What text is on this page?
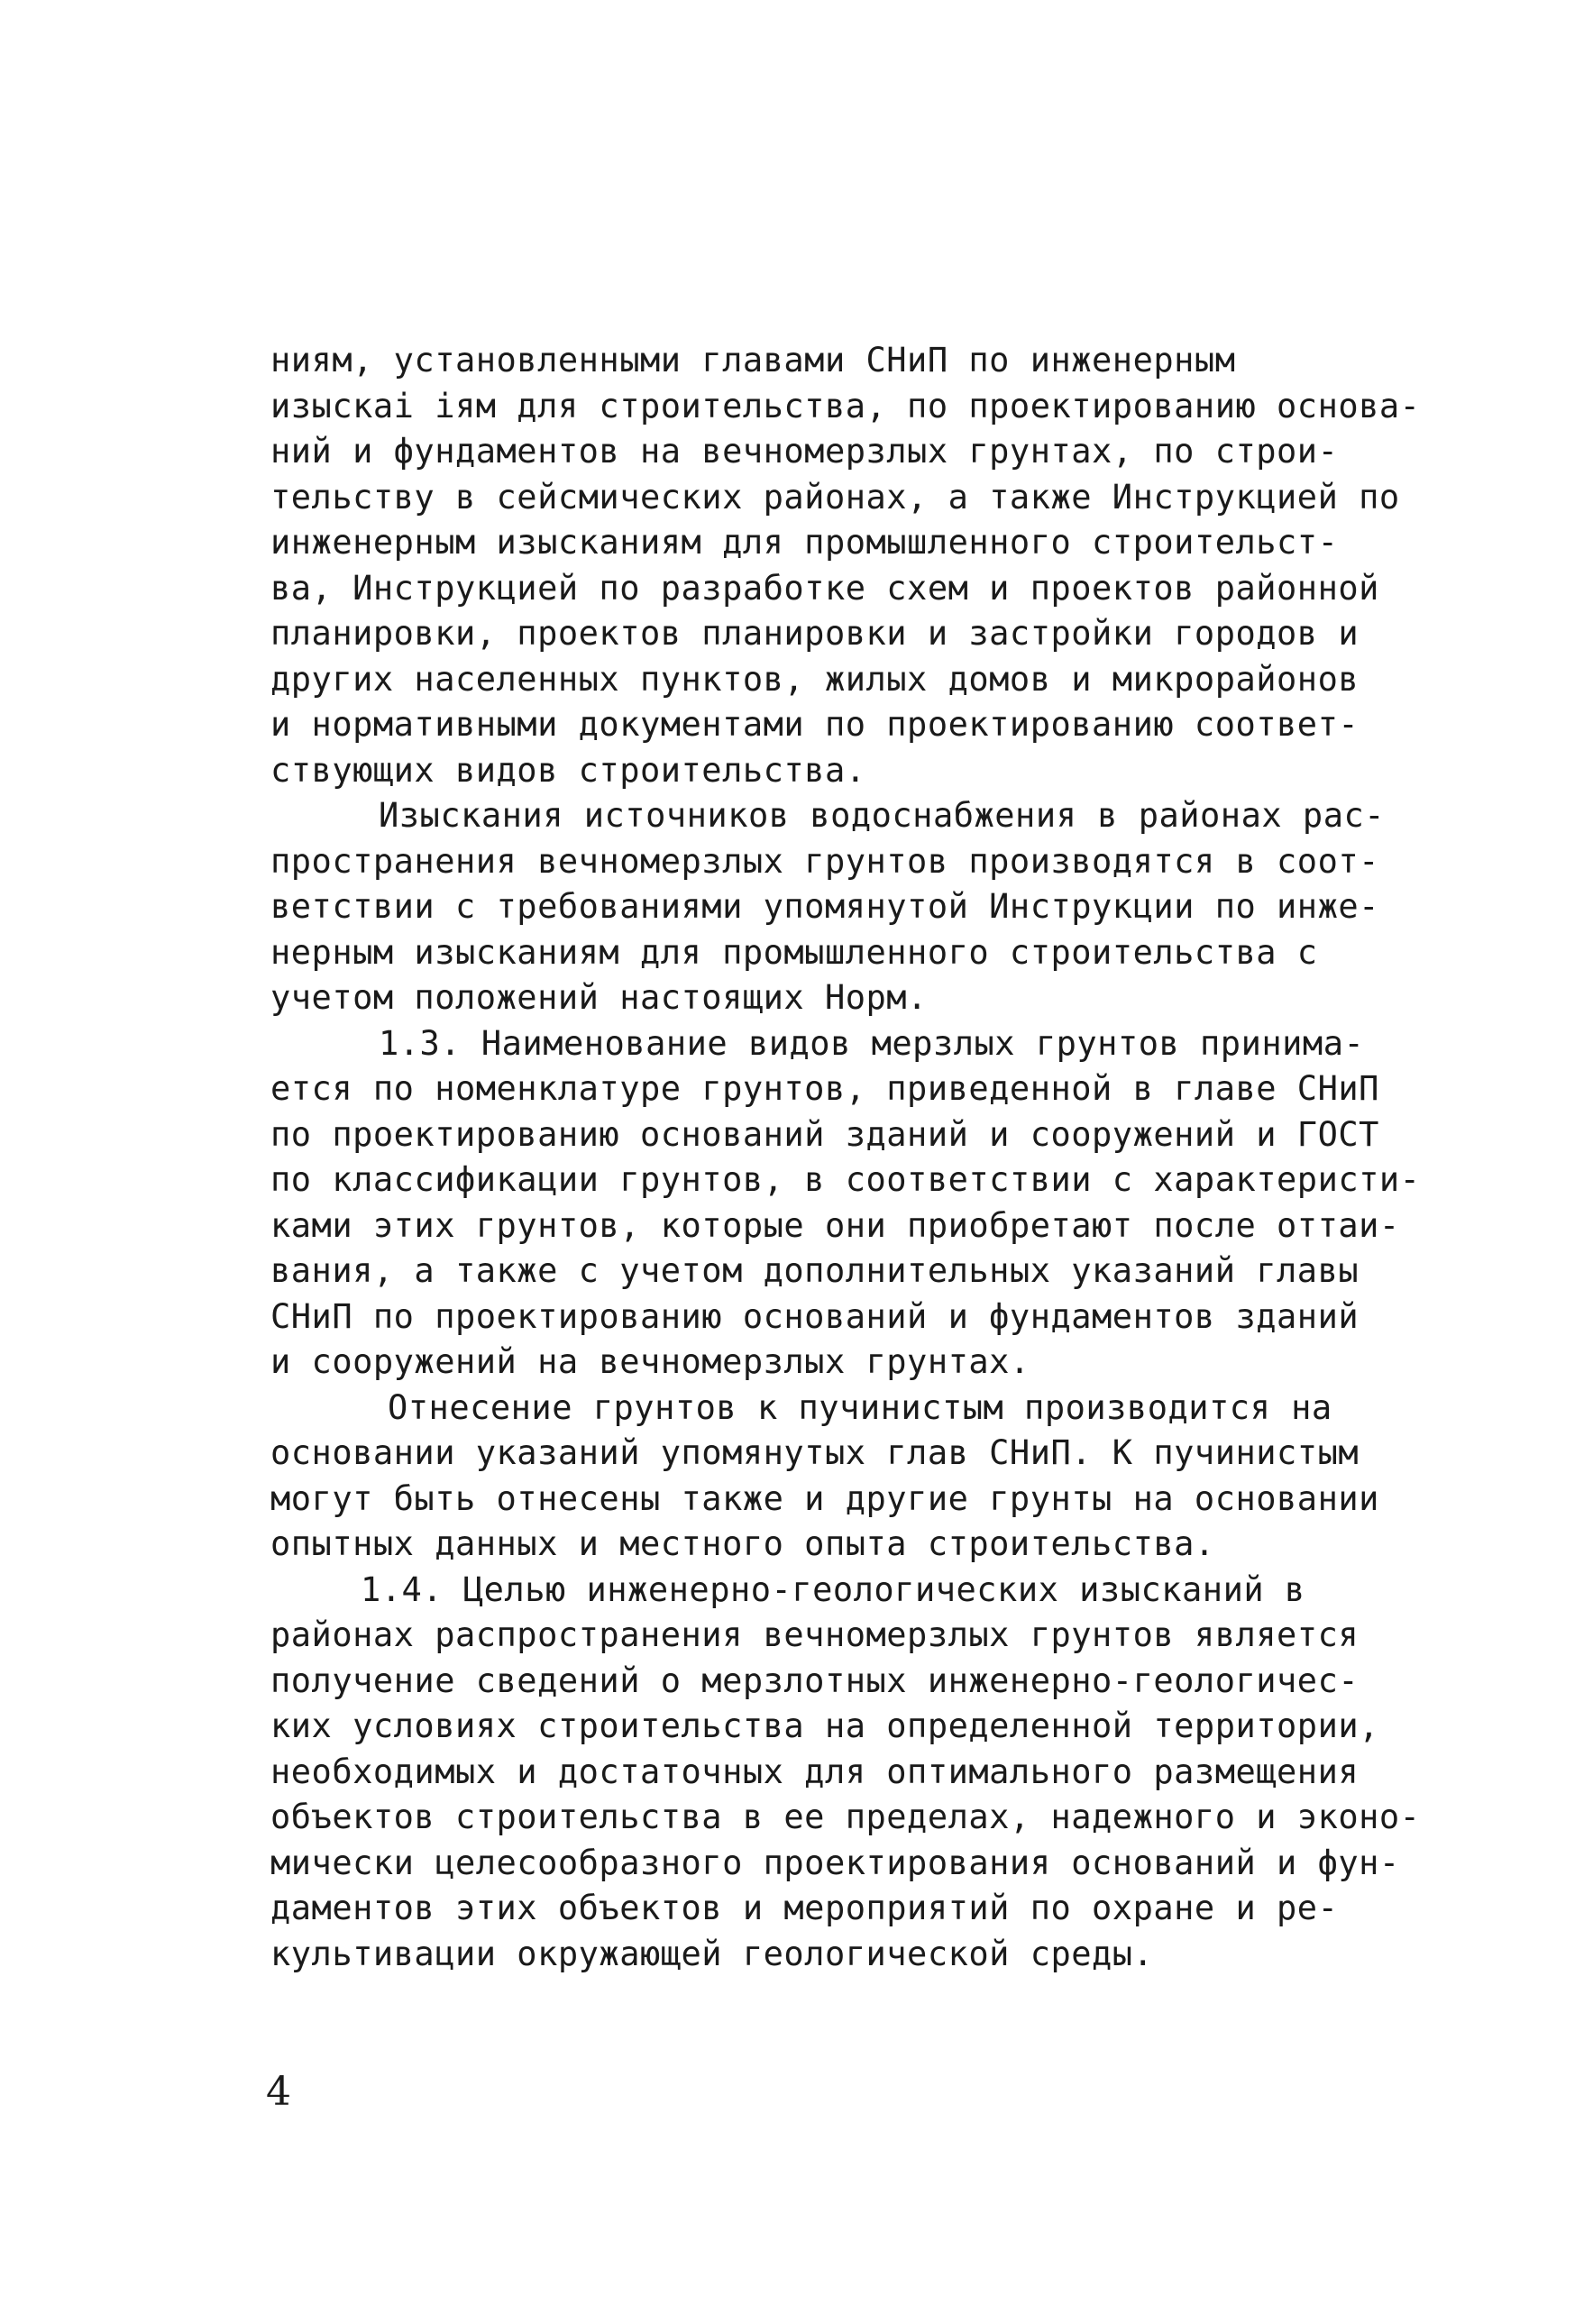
ниям, установленными главами СНиП по инженерным
изыскаі іям для строительства, по проектированию основа-
ний и фундаментов на вечномерзлых грунтах, по строи-
тельству в сейсмических районах, а также Инструкцией по
инженерным изысканиям для промышленного строительст-
ва, Инструкцией по разработке схем и проектов районной
планировки, проектов планировки и застройки городов и
других населенных пунктов, жилых домов и микрорайонов
и нормативными документами по проектированию соответ-
ствующих видов строительства.
Изыскания источников водоснабжения в районах рас-
пространения вечномерзлых грунтов производятся в соот-
ветствии с требованиями упомянутой Инструкции по инже-
нерным изысканиям для промышленного строительства с
учетом положений настоящих Норм.
1.3. Наименование видов мерзлых грунтов принима-
ется по номенклатуре грунтов, приведенной в главе СНиП
по проектированию оснований зданий и сооружений и ГОСТ
по классификации грунтов, в соответствии с характеристи-
ками этих грунтов, которые они приобретают после оттаи-
вания, а также с учетом дополнительных указаний главы
СНиП по проектированию оснований и фундаментов зданий
и сооружений на вечномерзлых грунтах.
Отнесение грунтов к пучинистым производится на
основании указаний упомянутых глав СНиП. К пучинистым
могут быть отнесены также и другие грунты на основании
опытных данных и местного опыта строительства.
1.4. Целью инженерно-геологических изысканий в
районах распространения вечномерзлых грунтов является
получение сведений о мерзлотных инженерно-геологичес-
ких условиях строительства на определенной территории,
необходимых и достаточных для оптимального размещения
объектов строительства в ее пределах, надежного и эконо-
мически целесообразного проектирования оснований и фун-
даментов этих объектов и мероприятий по охране и ре-
культивации окружающей геологической среды.
4
